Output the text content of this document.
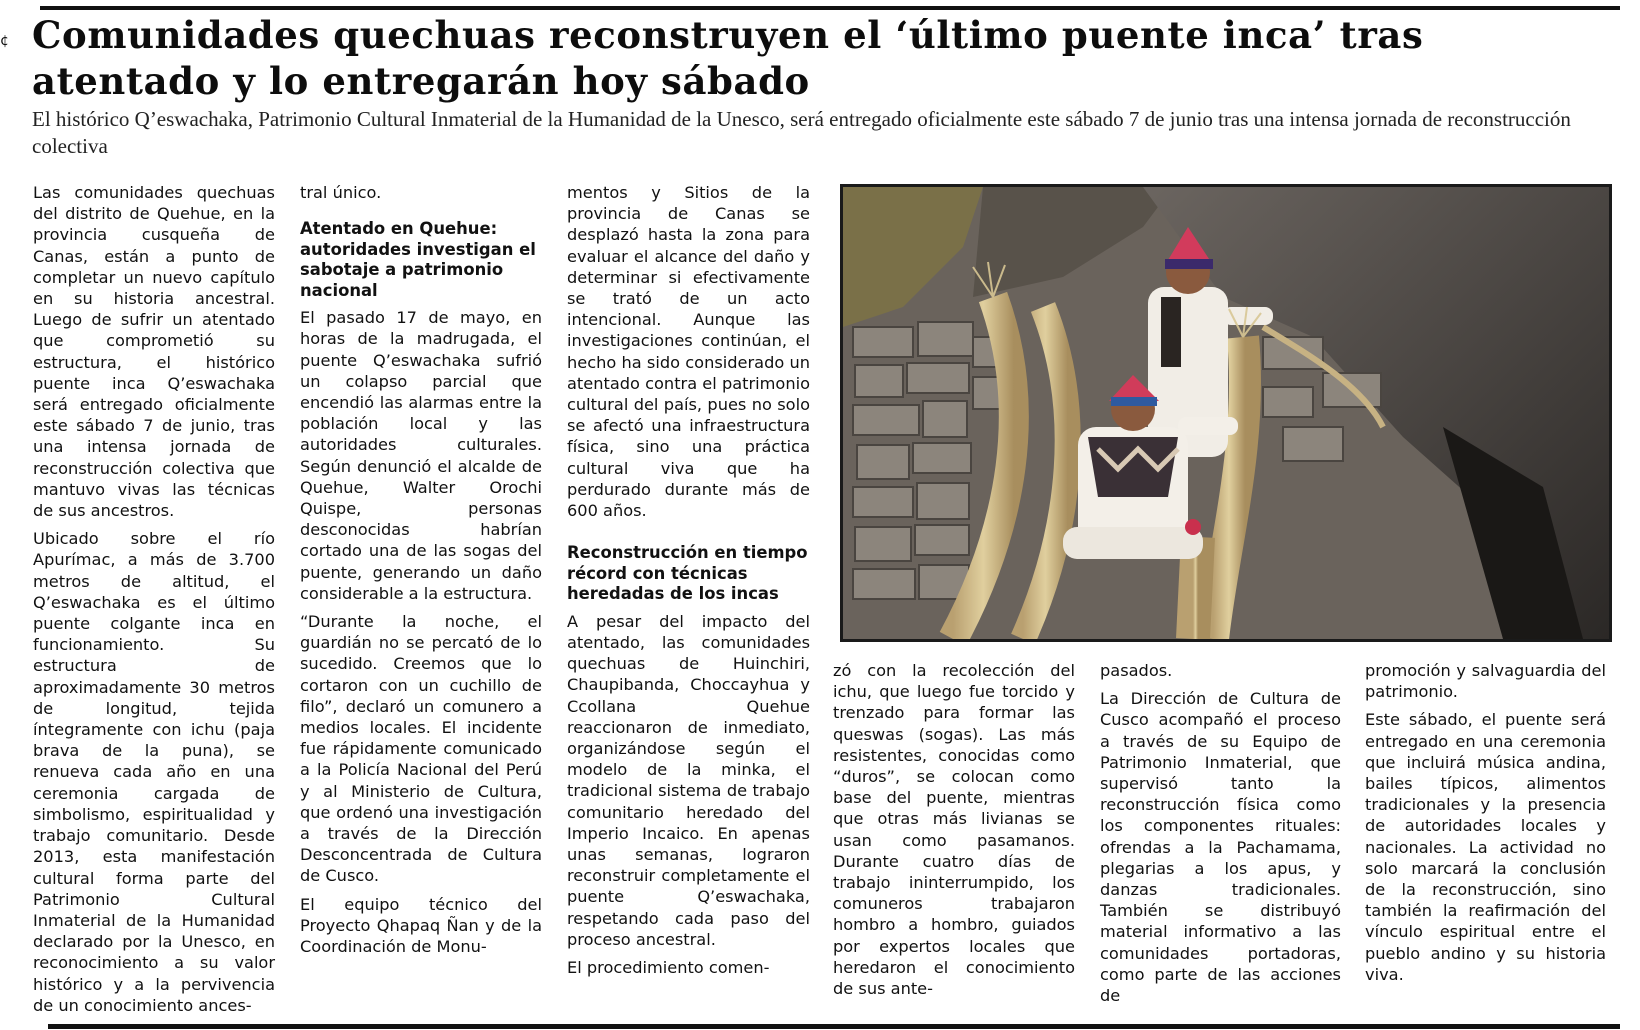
¢ Comunidades quechuas reconstruyen el ‘último puente inca’ tras atentado y lo entregarán hoy sábado

El histórico Q’eswachaka, Patrimonio Cultural Inmaterial de la Humanidad de la Unesco, será entregado oficialmente este sábado 7 de junio tras una intensa jornada de reconstrucción colectiva

Las comunidades quechuas del distrito de Quehue, en la provincia cusqueña de Canas, están a punto de completar un nuevo capítulo en su historia ancestral. Luego de sufrir un atentado que comprometió su estructura, el histórico puente inca Q’eswachaka será entregado oficialmente este sábado 7 de junio, tras una intensa jornada de reconstrucción colectiva que mantuvo vivas las técnicas de sus ancestros.

Ubicado sobre el río Apurímac, a más de 3.700 metros de altitud, el Q’eswachaka es el último puente colgante inca en funcionamiento. Su estructura de aproximadamente 30 metros de longitud, tejida íntegramente con ichu (paja brava de la puna), se renueva cada año en una ceremonia cargada de simbolismo, espiritualidad y trabajo comunitario. Desde 2013, esta manifestación cultural forma parte del Patrimonio Cultural Inmaterial de la Humanidad declarado por la Unesco, en reconocimiento a su valor histórico y a la pervivencia de un conocimiento ances-

tral único.

Atentado en Quehue: autoridades investigan el sabotaje a patrimonio nacional

El pasado 17 de mayo, en horas de la madrugada, el puente Q’eswachaka sufrió un colapso parcial que encendió las alarmas entre la población local y las autoridades culturales. Según denunció el alcalde de Quehue, Walter Orochi Quispe, personas desconocidas habrían cortado una de las sogas del puente, generando un daño considerable a la estructura.

“Durante la noche, el guardián no se percató de lo sucedido. Creemos que lo cortaron con un cuchillo de filo”, declaró un comunero a medios locales. El incidente fue rápidamente comunicado a la Policía Nacional del Perú y al Ministerio de Cultura, que ordenó una investigación a través de la Dirección Desconcentrada de Cultura de Cusco.

El equipo técnico del Proyecto Qhapaq Ñan y de la Coordinación de Monu-

mentos y Sitios de la provincia de Canas se desplazó hasta la zona para evaluar el alcance del daño y determinar si efectivamente se trató de un acto intencional. Aunque las investigaciones continúan, el hecho ha sido considerado un atentado contra el patrimonio cultural del país, pues no solo se afectó una infraestructura física, sino una práctica cultural viva que ha perdurado durante más de 600 años.

Reconstrucción en tiempo récord con técnicas heredadas de los incas

A pesar del impacto del atentado, las comunidades quechuas de Huinchiri, Chaupibanda, Choccayhua y Ccollana Quehue reaccionaron de inmediato, organizándose según el modelo de la minka, el tradicional sistema de trabajo comunitario heredado del Imperio Incaico. En apenas unas semanas, lograron reconstruir completamente el puente Q’eswachaka, respetando cada paso del proceso ancestral.

El procedimiento comen-

zó con la recolección del ichu, que luego fue torcido y trenzado para formar las queswas (sogas). Las más resistentes, conocidas como “duros”, se colocan como base del puente, mientras que otras más livianas se usan como pasamanos. Durante cuatro días de trabajo ininterrumpido, los comuneros trabajaron hombro a hombro, guiados por expertos locales que heredaron el conocimiento de sus ante-

pasados.

La Dirección de Cultura de Cusco acompañó el proceso a través de su Equipo de Patrimonio Inmaterial, que supervisó tanto la reconstrucción física como los componentes rituales: ofrendas a la Pachamama, plegarias a los apus, y danzas tradicionales. También se distribuyó material informativo a las comunidades portadoras, como parte de las acciones de

promoción y salvaguardia del patrimonio.

Este sábado, el puente será entregado en una ceremonia que incluirá música andina, bailes típicos, alimentos tradicionales y la presencia de autoridades locales y nacionales. La actividad no solo marcará la conclusión de la reconstrucción, sino también la reafirmación del vínculo espiritual entre el pueblo andino y su historia viva.
